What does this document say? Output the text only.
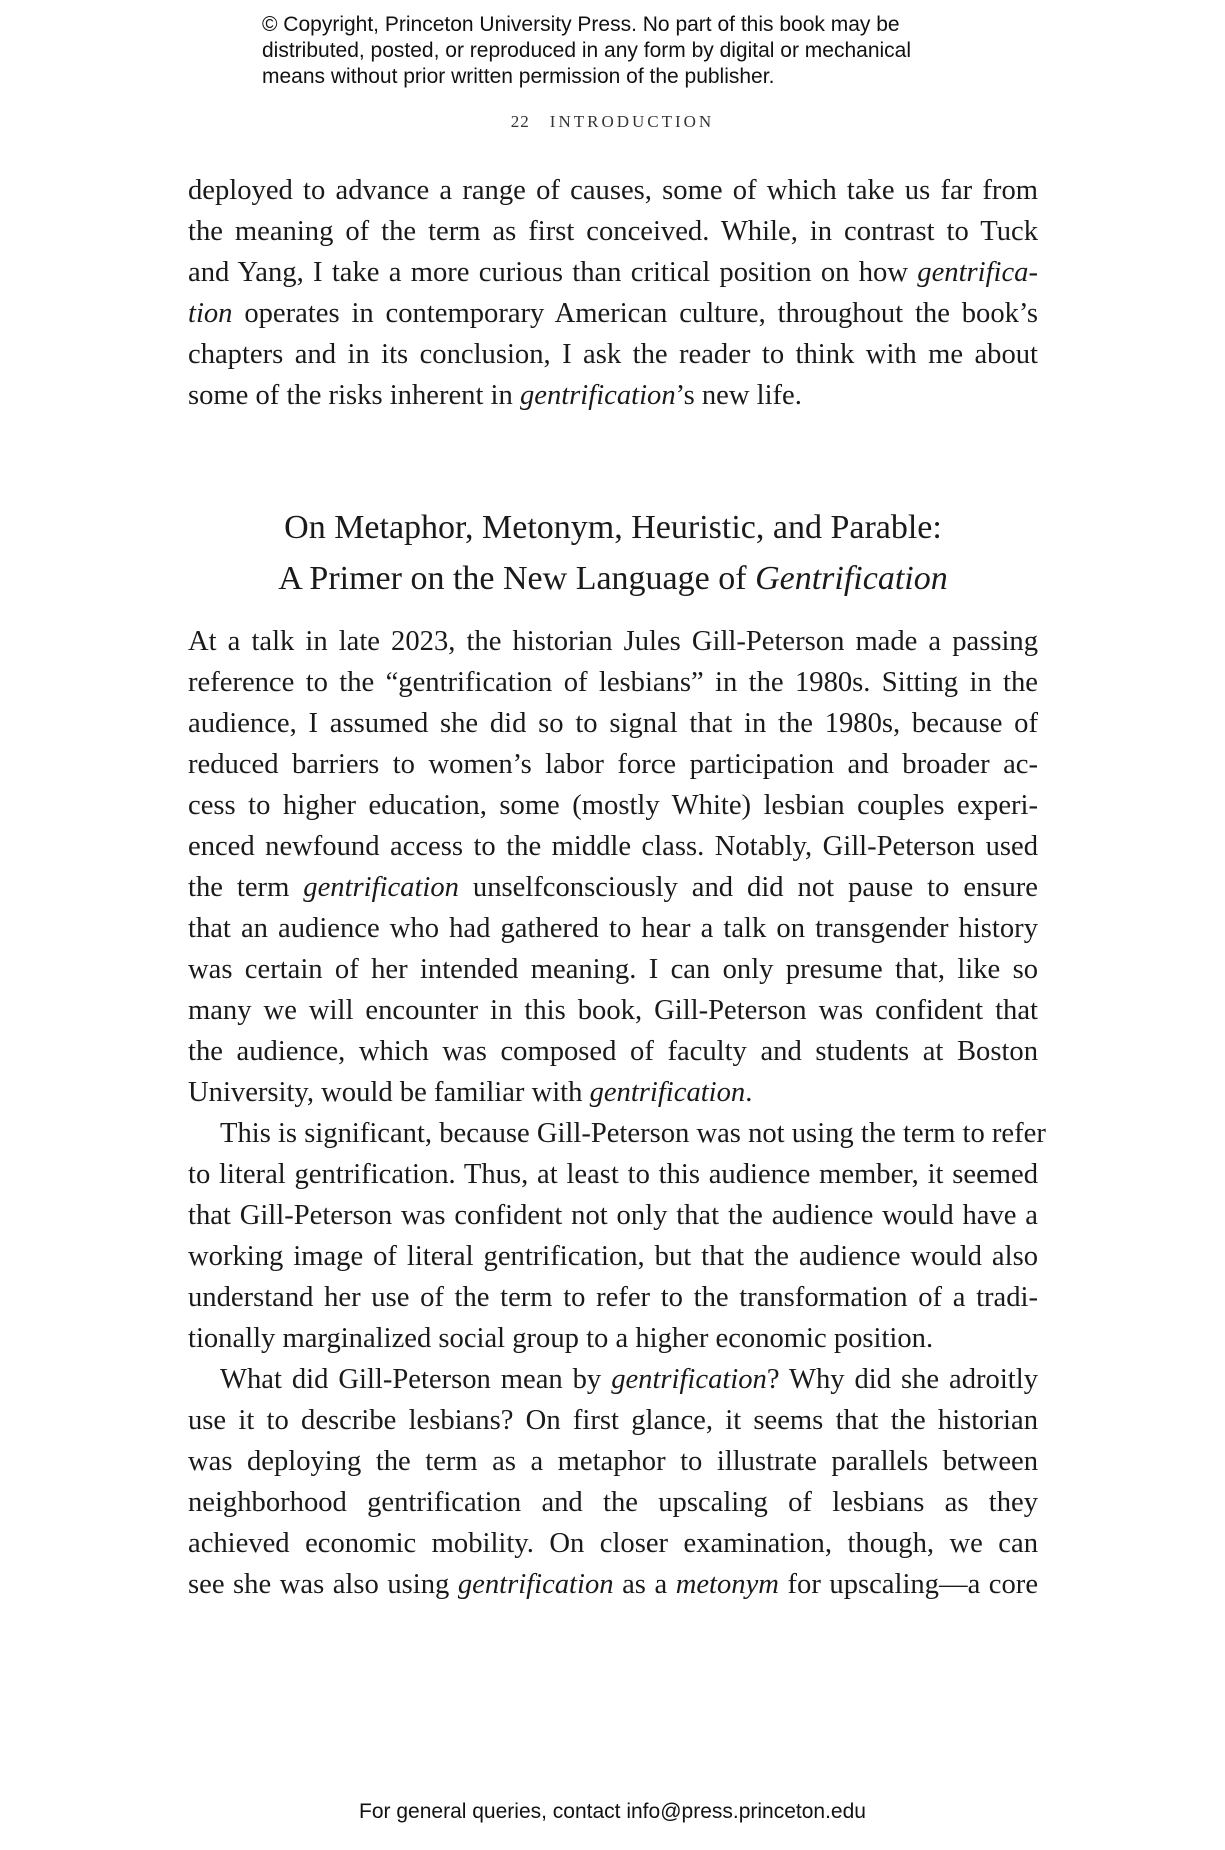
© Copyright, Princeton University Press. No part of this book may be
distributed, posted, or reproduced in any form by digital or mechanical
means without prior written permission of the publisher.
22 INTRODUCTION
deployed to advance a range of causes, some of which take us far from
the meaning of the term as first conceived. While, in contrast to Tuck
and Yang, I take a more curious than critical position on how gentrifica-
tion operates in contemporary American culture, throughout the book’s
chapters and in its conclusion, I ask the reader to think with me about
some of the risks inherent in gentrification’s new life.
On Metaphor, Metonym, Heuristic, and Parable:
A Primer on the New Language of Gentrification
At a talk in late 2023, the historian Jules Gill-Peterson made a passing
reference to the “gentrification of lesbians” in the 1980s. Sitting in the
audience, I assumed she did so to signal that in the 1980s, because of
reduced barriers to women’s labor force participation and broader ac-
cess to higher education, some (mostly White) lesbian couples experi-
enced newfound access to the middle class. Notably, Gill-Peterson used
the term gentrification unselfconsciously and did not pause to ensure
that an audience who had gathered to hear a talk on transgender history
was certain of her intended meaning. I can only presume that, like so
many we will encounter in this book, Gill-Peterson was confident that
the audience, which was composed of faculty and students at Boston
University, would be familiar with gentrification.
This is significant, because Gill-Peterson was not using the term to refer
to literal gentrification. Thus, at least to this audience member, it seemed
that Gill-Peterson was confident not only that the audience would have a
working image of literal gentrification, but that the audience would also
understand her use of the term to refer to the transformation of a tradi-
tionally marginalized social group to a higher economic position.
What did Gill-Peterson mean by gentrification? Why did she adroitly
use it to describe lesbians? On first glance, it seems that the historian
was deploying the term as a metaphor to illustrate parallels between
neighborhood gentrification and the upscaling of lesbians as they
achieved economic mobility. On closer examination, though, we can
see she was also using gentrification as a metonym for upscaling—a core
For general queries, contact info@press.princeton.edu
